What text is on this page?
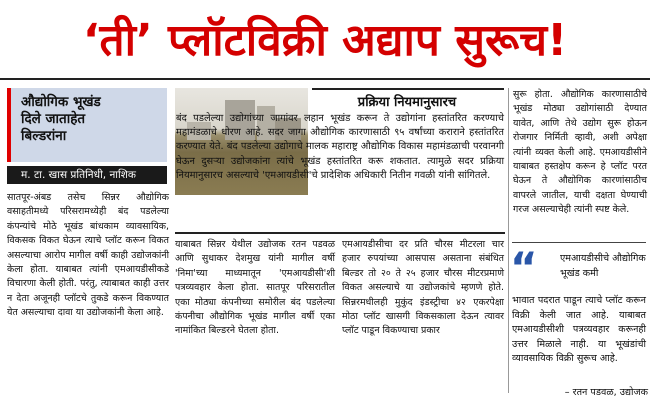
‘ती’ प्लॉटविक्री अद्याप सुरूच!
औद्योगिक भूखंड
दिले जाताहेत
बिल्डरांना
म. टा. खास प्रतिनिधी, नाशिक
प्रक्रिया नियमानुसारच
बंद पडलेल्या उद्योगांच्या जागांवर लहान भूखंड करून ते उद्योगांना हस्तांतरित करण्याचे महामंडळाचे धोरण आहे. सदर जागा औद्योगिक कारणासाठी ९५ वर्षांच्या कराराने हस्तांतरित करण्यात येते. बंद पडलेल्या उद्योगाचे मालक महाराष्ट्र औद्योगिक विकास महामंडळाची परवानगी घेऊन दुसऱ्या उद्योजकांना त्यांचे भूखंड हस्तांतरित करू शकतात. त्यामुळे सदर प्रक्रिया नियमानुसारच असल्याचे 'एमआयडीसी'चे प्रादेशिक अधिकारी नितीन गवळी यांनी सांगितले.
सातपूर-अंबड तसेच सिन्नर औद्योगिक वसाहतीमध्ये परिसरामध्येही बंद पडलेल्या कंपन्यांचे मोठे भूखंड बांधकाम व्यावसायिक, विकसक विकत घेऊन त्याचे प्लॉट करून विकत असल्याचा आरोप मागील वर्षी काही उद्योजकांनी केला होता. याबाबत त्यांनी एमआयडीसीकडे विचारणा केली होती. परंतु, त्याबाबत काही उत्तर न देता अजूनही प्लॉटचे तुकडे करून विकण्यात येत असल्याचा दावा या उद्योजकांनी केला आहे.
याबाबत सिन्नर येथील उद्योजक रतन पडवळ आणि सुधाकर देशमुख यांनी मागील वर्षी 'निमा'च्या माध्यमातून 'एमआयडीसी'शी पत्रव्यवहार केला होता. सातपूर परिसरातील एका मोठ्या कंपनीच्या समोरील बंद पडलेल्या कंपनीचा औद्योगिक भूखंड मागील वर्षी एका नामांकित बिल्डरने घेतला होता.
एमआयडीसीचा दर प्रति चौरस मीटरला चार हजार रुपयांच्या आसपास असताना संबंधित बिल्डर तो २० ते २५ हजार चौरस मीटरप्रमाणे विकत असल्याचे या उद्योजकांचे म्हणणे होते. सिन्नरमधीलही मुकुंद इंडस्ट्रीचा ४२ एकरपेक्षा मोठा प्लॉट खासगी विकसकाला देऊन त्यावर प्लॉट पाडून विकण्याचा प्रकार
सुरू होता. औद्योगिक कारणासाठीचे भूखंड मोठ्या उद्योगांसाठी देण्यात यावेत, आणि तेथे उद्योग सुरू होऊन रोजगार निर्मिती व्हावी, अशी अपेक्षा त्यांनी व्यक्त केली आहे. एमआयडीसीने याबाबत हस्तक्षेप करून हे प्लॉट परत घेऊन ते औद्योगिक कारणांसाठीच वापरले जातील, याची दक्षता घेण्याची गरज असल्याचेही त्यांनी स्पष्ट केले.
“ एमआयडीसीचे औद्योगिक भूखंड कमी
भावात पदरात पाडून त्याचे प्लॉट करून विक्री केली जात आहे. याबाबत एमआयडीसीशी पत्रव्यवहार करूनही उत्तर मिळाले नाही. या भूखंडांची व्यावसायिक विक्री सुरूच आहे.
– रतन पडवळ, उद्योजक
